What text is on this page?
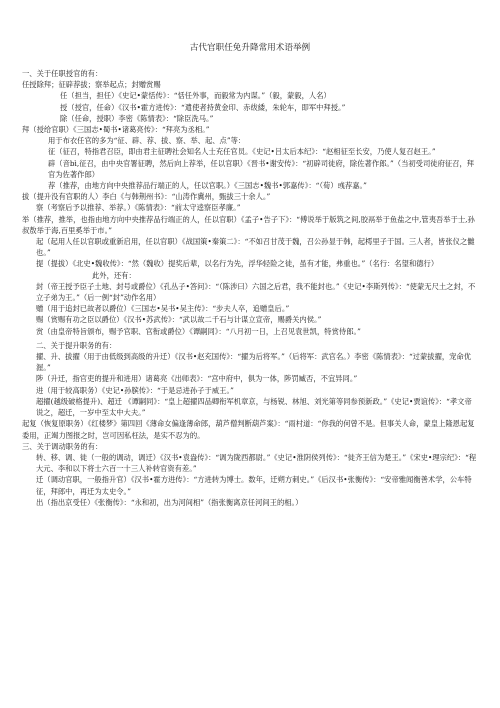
古代官职任免升降常用术语举例

一、关于任职授官的有：

任授除拜；征辟荐拔；察举起点；封赠赏赐

任（担当，担任）《史记•蒙恬传》：“恬任外事，而毅常为内谋。”（毅，蒙毅，人名）

授（授官，任命）《汉书•霍方进传》：“遣使者持黄金印、赤绂緌，朱轮车，即军中拜授。”

除（任命，授职）李密《陈情表》：“除臣洗马。”

拜（授给官职）《三国志•蜀书•诸葛亮传》：“拜亮为丞相。”

用于布衣任官的多为“征、辟、荐、拔、察、举、起、点”等：

征（征召，特指君召臣，即由君主征聘社会知名人士充任官员。《史记•吕太后本纪》：“赵相征至长安，乃使人复召赵王。”

辟（音bì,征召，由中央官署征聘，然后向上荐举，任以官职）《晋书•谢安传》：“初辟司徒府，除佐著作郎。”（当初受司徒府征召，拜官为佐著作郎）

荐（推荐，由地方向中央推荐品行端正的人，任以官职。）《三国志•魏书•郭嘉传》：“（荀）彧荐嘉。”

拔（提升没有官职的人）李白《与韩荆州书》：“山涛作冀州，甄拔三十余人。”

察（考察后予以推荐、举荐。）《陈情表》：“前太守逵察臣孝廉。”

举（推荐，推举，也指由地方向中央推荐品行端正的人，任以官职）《孟子•告子下》：“傅说举于版筑之间,胶鬲举于鱼盐之中,管夷吾举于士,孙叔敖举于海,百里奚举于市。”

起（起用人任以官职或重新启用，任以官职）《战国策•秦策二》：“不如召甘茂于魏，召公孙显于韩，起樗里子于国。三人者，皆张仪之雠也。”

提（提拔）《北史•魏收传》：“然（魏收）提奖后辈，以名行为先，浮华轻险之徒，虽有才能，弗重也。”（名行：名望和德行）

此外，还有：

封（帝王授予臣子土地、封号或爵位）《孔丛子•答问》：“（陈涉曰）六国之后君，我不能封也。”《史记•李斯列传》：“使蒙无尺土之封，不立子弟为王。”（后一例“封”动作名用）

赠（用于追封已故者以爵位）《三国志•吴书•吴主传》：“步夫人卒，追赠皇后。”

赐（赏赐有功之臣以爵位）《汉书•苏武传》：“武以故二千石与计谋立宣帝，赐爵关内侯。”

赏（由皇帝特旨颁布，赐予官职、官衔或爵位）《谭嗣同》：“八月初一日，上召见袁世凯，特赏侍郎。”

二、关于提升职务的有：

擢、升、拔擢（用于由低级到高级的升迁）《汉书•赵充国传》：“擢为后将军。”（后将军：武官名。）李密《陈情表》：“过蒙拔擢，宠命优渥。”

陟（升迁，指官吏的提升和进用）诸葛亮《出师表》：“宫中府中，俱为一体，陟罚臧否，不宜异同。”

进（用于较高职务）《史记•孙膑传》：“于是忌进孙子于威王。”

超擢(越级破格提升)、超迁 《谭嗣同》：“皇上超擢四品卿衔军机章京，与杨锐、林旭、刘光第等同参预新政。”《史记•贾谊传》：“孝文帝说之，超迁，一岁中至太中大夫。”

起复（恢复原职务）《红楼梦》第四回《薄命女偏逢薄命郎，葫芦僧判断葫芦案》：“雨村道：“你我的何曾不是。但事关人命，蒙皇上隆恩起复委用，正竭力图报之时，岂可因私枉法，是实不忍为的。

三、关于调动职务的有：

转、移、调、徙（一般的调动，调迁）《汉书•袁盎传》：“调为陇西都尉。”《史记•淮阴侯列传》：“徙齐王信为楚王。”《宋史•理宗纪》：“程大元、李和以下将士六百一十三人补转官资有差。”

迁（调动官职，一般指升官）《汉书•霍方进传》：“方进转为博士。数年，迁朔方刺史。”《后汉书•张衡传》：“安帝雅闻衡善术学，公车特征，拜郎中，再迁为太史令。”

出（指出京受任）《张衡传》：“永和初，出为河间相”（指张衡离京任河间王的相。）
